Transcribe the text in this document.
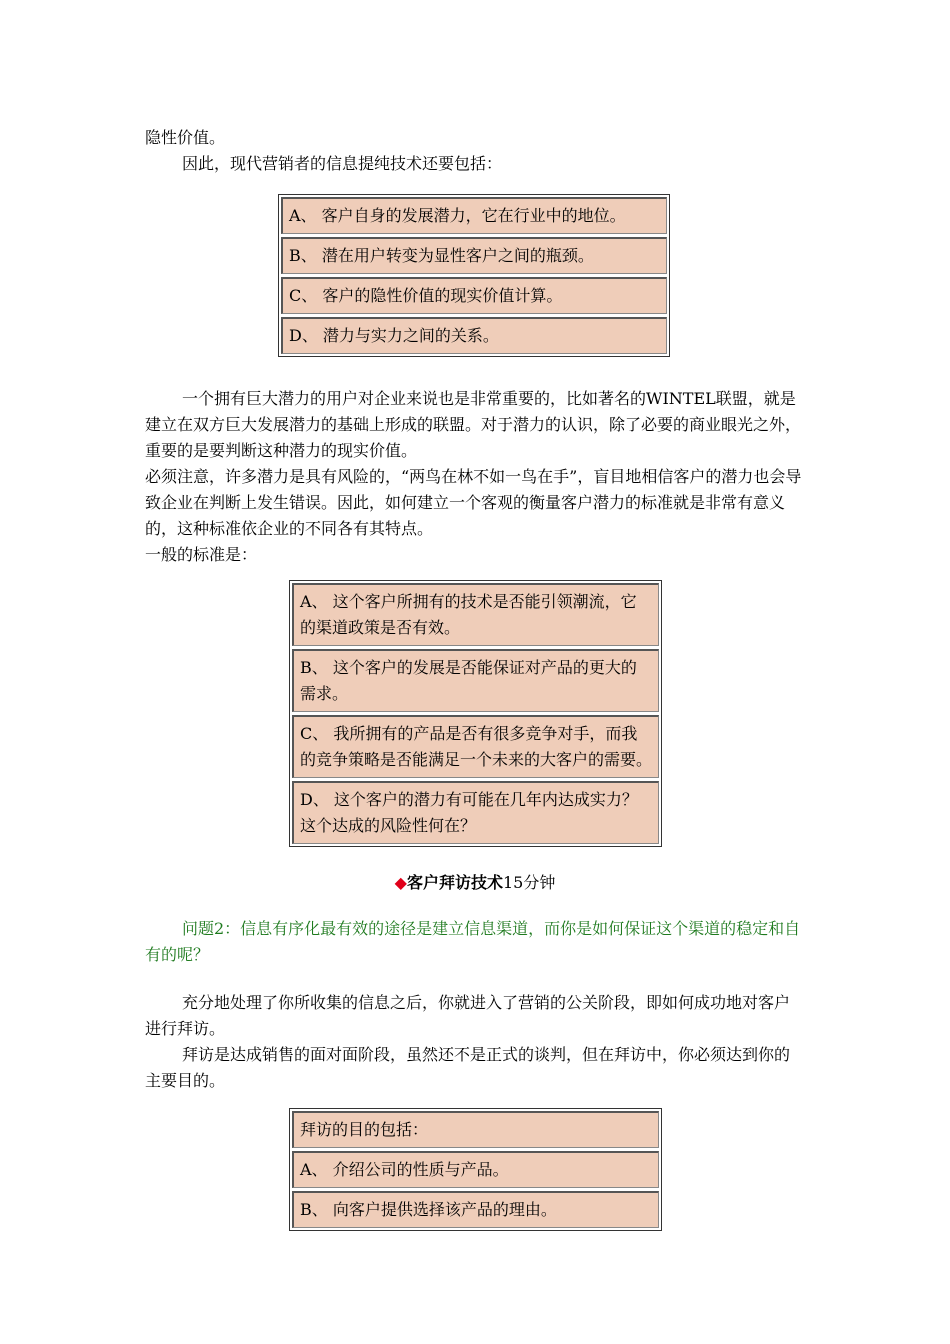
隐性价值。

因此，现代营销者的信息提纯技术还要包括：

A、 客户自身的发展潜力，它在行业中的地位。
B、 潜在用户转变为显性客户之间的瓶颈。
C、 客户的隐性价值的现实价值计算。
D、 潜力与实力之间的关系。

一个拥有巨大潜力的用户对企业来说也是非常重要的，比如著名的WINTEL联盟，就是建立在双方巨大发展潜力的基础上形成的联盟。对于潜力的认识，除了必要的商业眼光之外，重要的是要判断这种潜力的现实价值。

必须注意，许多潜力是具有风险的，“两鸟在林不如一鸟在手”，盲目地相信客户的潜力也会导致企业在判断上发生错误。因此，如何建立一个客观的衡量客户潜力的标准就是非常有意义的，这种标准依企业的不同各有其特点。

一般的标准是：

A、 这个客户所拥有的技术是否能引领潮流，它的渠道政策是否有效。
B、 这个客户的发展是否能保证对产品的更大的需求。
C、 我所拥有的产品是否有很多竞争对手，而我的竞争策略是否能满足一个未来的大客户的需要。
D、 这个客户的潜力有可能在几年内达成实力？这个达成的风险性何在？
◆客户拜访技术15分钟

问题2：信息有序化最有效的途径是建立信息渠道，而你是如何保证这个渠道的稳定和自有的呢？

充分地处理了你所收集的信息之后，你就进入了营销的公关阶段，即如何成功地对客户进行拜访。

拜访是达成销售的面对面阶段，虽然还不是正式的谈判，但在拜访中，你必须达到你的主要目的。

拜访的目的包括：
A、 介绍公司的性质与产品。
B、 向客户提供选择该产品的理由。
